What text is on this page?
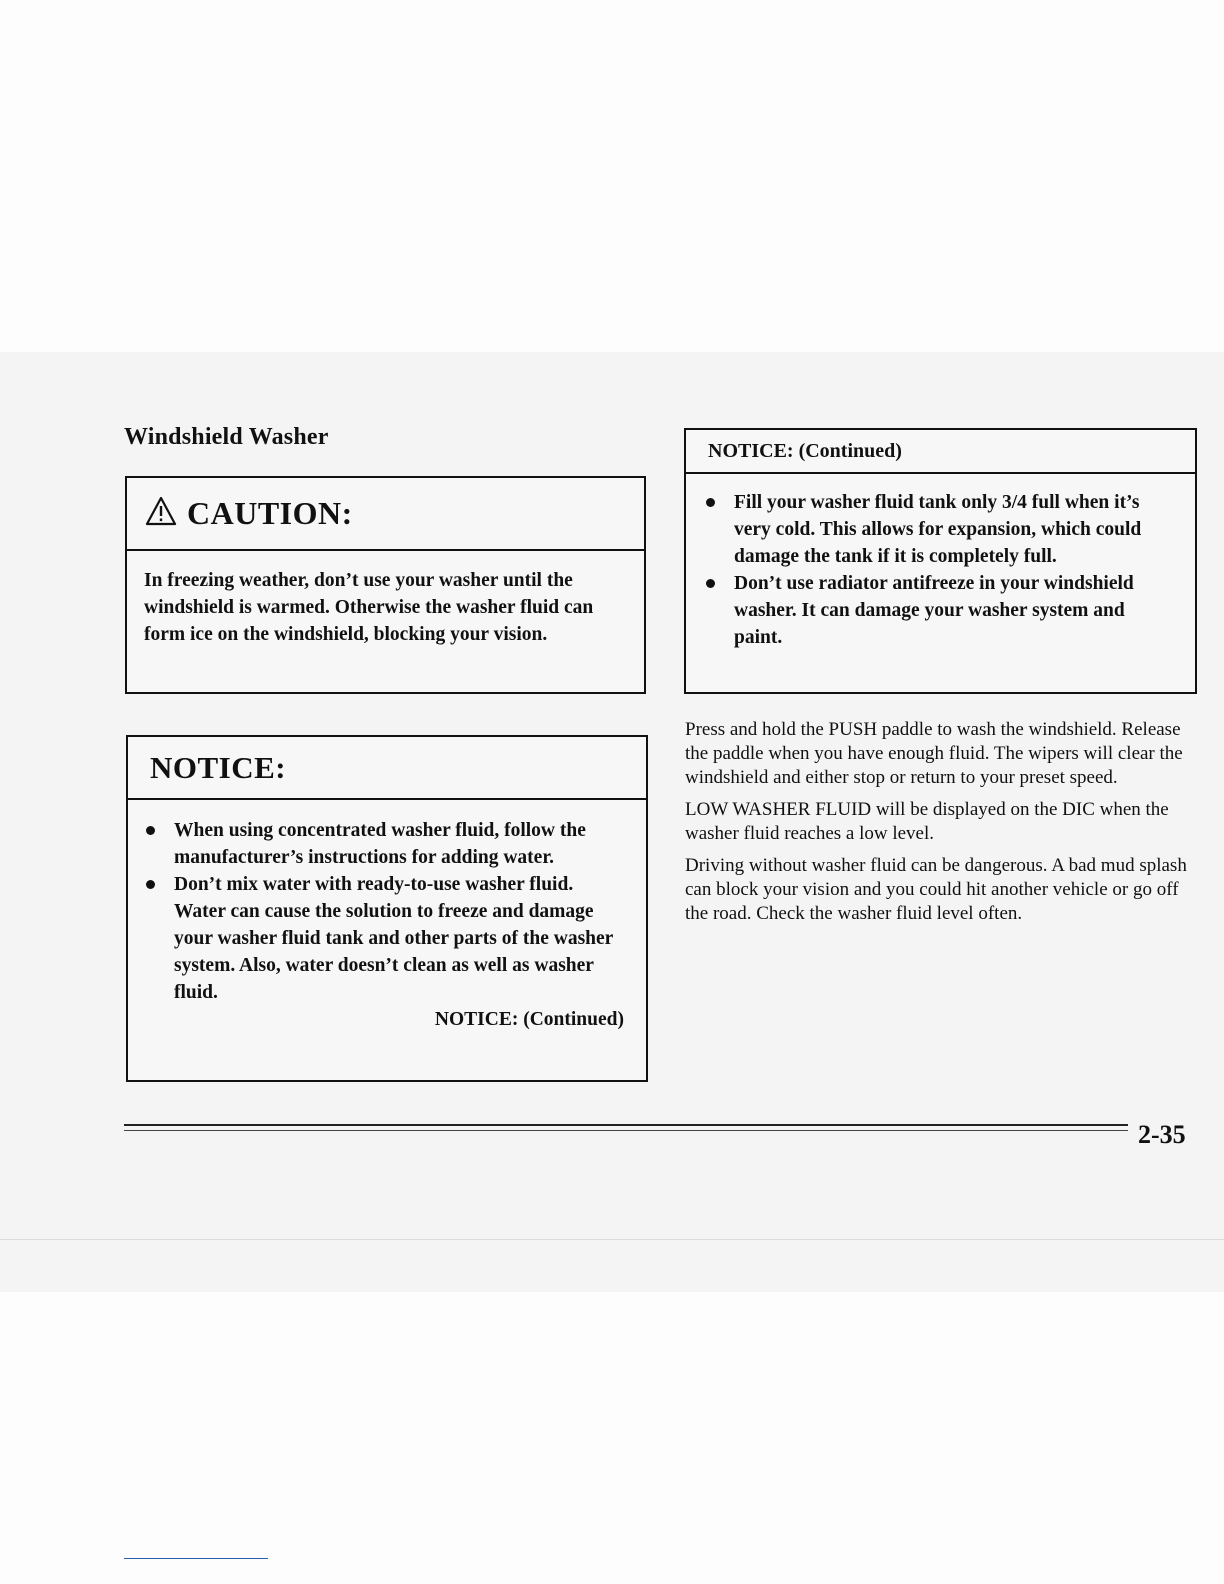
Windshield Washer
CAUTION:
In freezing weather, don’t use your washer until the windshield is warmed. Otherwise the washer fluid can form ice on the windshield, blocking your vision.
NOTICE:
When using concentrated washer fluid, follow the manufacturer’s instructions for adding water.
Don’t mix water with ready-to-use washer fluid. Water can cause the solution to freeze and damage your washer fluid tank and other parts of the washer system. Also, water doesn’t clean as well as washer fluid.
NOTICE: (Continued)
NOTICE: (Continued)
Fill your washer fluid tank only 3/4 full when it’s very cold. This allows for expansion, which could damage the tank if it is completely full.
Don’t use radiator antifreeze in your windshield washer. It can damage your washer system and paint.

Press and hold the PUSH paddle to wash the windshield. Release the paddle when you have enough fluid. The wipers will clear the windshield and either stop or return to your preset speed.

LOW WASHER FLUID will be displayed on the DIC when the washer fluid reaches a low level.

Driving without washer fluid can be dangerous. A bad mud splash can block your vision and you could hit another vehicle or go off the road. Check the washer fluid level often.

2-35
